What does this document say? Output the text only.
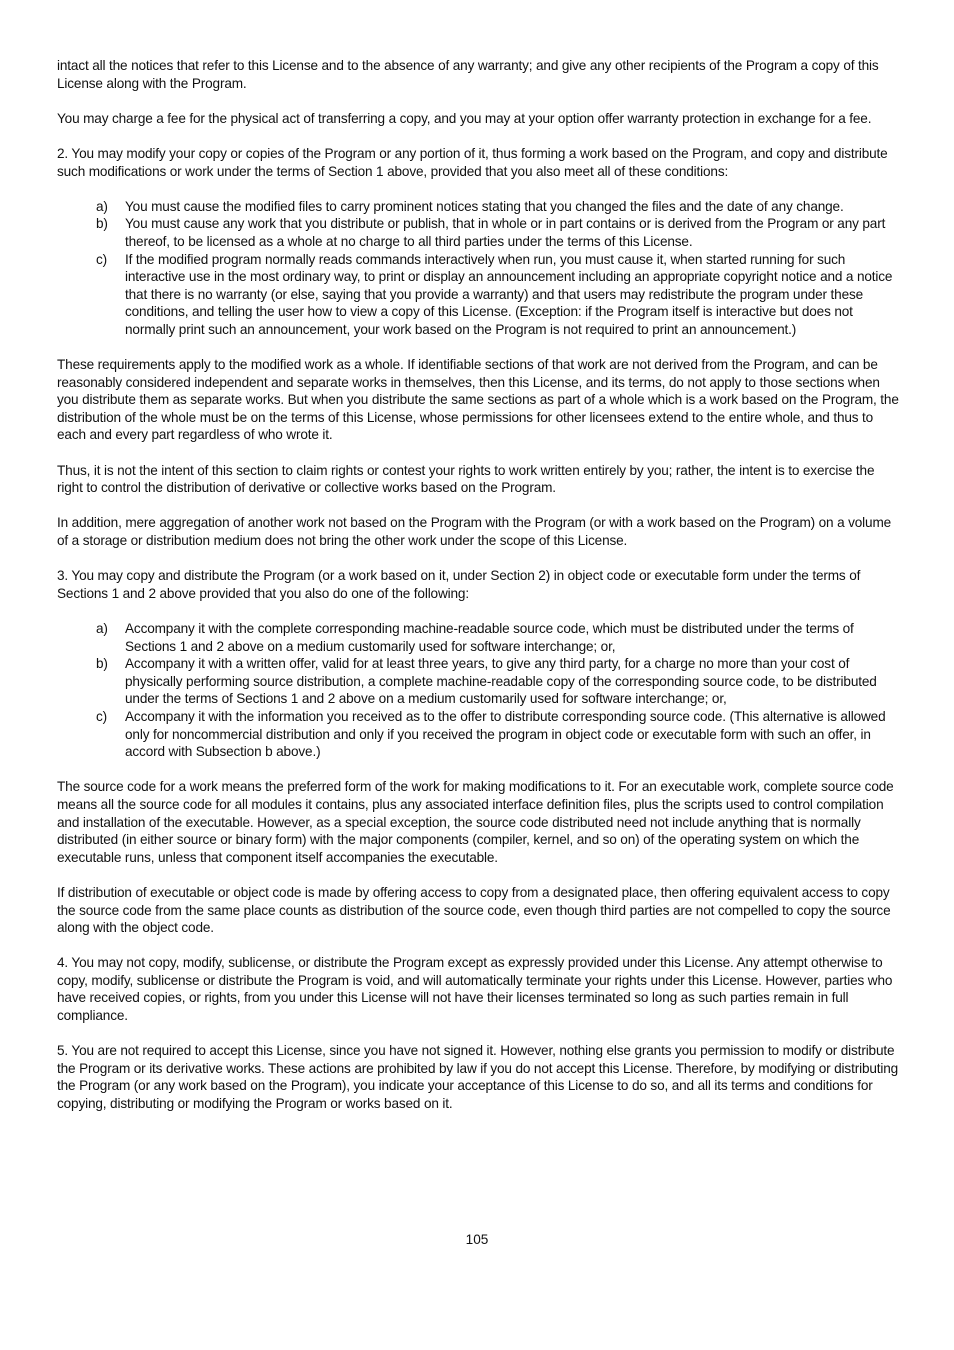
intact all the notices that refer to this License and to the absence of any warranty; and give any other recipients of the Program a copy of this License along with the Program.

You may charge a fee for the physical act of transferring a copy, and you may at your option offer warranty protection in exchange for a fee.

2. You may modify your copy or copies of the Program or any portion of it, thus forming a work based on the Program, and copy and distribute such modifications or work under the terms of Section 1 above, provided that you also meet all of these conditions:

a) You must cause the modified files to carry prominent notices stating that you changed the files and the date of any change.
b) You must cause any work that you distribute or publish, that in whole or in part contains or is derived from the Program or any part thereof, to be licensed as a whole at no charge to all third parties under the terms of this License.
c) If the modified program normally reads commands interactively when run, you must cause it, when started running for such interactive use in the most ordinary way, to print or display an announcement including an appropriate copyright notice and a notice that there is no warranty (or else, saying that you provide a warranty) and that users may redistribute the program under these conditions, and telling the user how to view a copy of this License. (Exception: if the Program itself is interactive but does not normally print such an announcement, your work based on the Program is not required to print an announcement.)

These requirements apply to the modified work as a whole. If identifiable sections of that work are not derived from the Program, and can be reasonably considered independent and separate works in themselves, then this License, and its terms, do not apply to those sections when you distribute them as separate works. But when you distribute the same sections as part of a whole which is a work based on the Program, the distribution of the whole must be on the terms of this License, whose permissions for other licensees extend to the entire whole, and thus to each and every part regardless of who wrote it.

Thus, it is not the intent of this section to claim rights or contest your rights to work written entirely by you; rather, the intent is to exercise the right to control the distribution of derivative or collective works based on the Program.

In addition, mere aggregation of another work not based on the Program with the Program (or with a work based on the Program) on a volume of a storage or distribution medium does not bring the other work under the scope of this License.

3. You may copy and distribute the Program (or a work based on it, under Section 2) in object code or executable form under the terms of Sections 1 and 2 above provided that you also do one of the following:

a) Accompany it with the complete corresponding machine-readable source code, which must be distributed under the terms of Sections 1 and 2 above on a medium customarily used for software interchange; or,
b) Accompany it with a written offer, valid for at least three years, to give any third party, for a charge no more than your cost of physically performing source distribution, a complete machine-readable copy of the corresponding source code, to be distributed under the terms of Sections 1 and 2 above on a medium customarily used for software interchange; or,
c) Accompany it with the information you received as to the offer to distribute corresponding source code. (This alternative is allowed only for noncommercial distribution and only if you received the program in object code or executable form with such an offer, in accord with Subsection b above.)

The source code for a work means the preferred form of the work for making modifications to it. For an executable work, complete source code means all the source code for all modules it contains, plus any associated interface definition files, plus the scripts used to control compilation and installation of the executable. However, as a special exception, the source code distributed need not include anything that is normally distributed (in either source or binary form) with the major components (compiler, kernel, and so on) of the operating system on which the executable runs, unless that component itself accompanies the executable.

If distribution of executable or object code is made by offering access to copy from a designated place, then offering equivalent access to copy the source code from the same place counts as distribution of the source code, even though third parties are not compelled to copy the source along with the object code.

4. You may not copy, modify, sublicense, or distribute the Program except as expressly provided under this License. Any attempt otherwise to copy, modify, sublicense or distribute the Program is void, and will automatically terminate your rights under this License. However, parties who have received copies, or rights, from you under this License will not have their licenses terminated so long as such parties remain in full compliance.

5. You are not required to accept this License, since you have not signed it. However, nothing else grants you permission to modify or distribute the Program or its derivative works. These actions are prohibited by law if you do not accept this License. Therefore, by modifying or distributing the Program (or any work based on the Program), you indicate your acceptance of this License to do so, and all its terms and conditions for copying, distributing or modifying the Program or works based on it.

105
